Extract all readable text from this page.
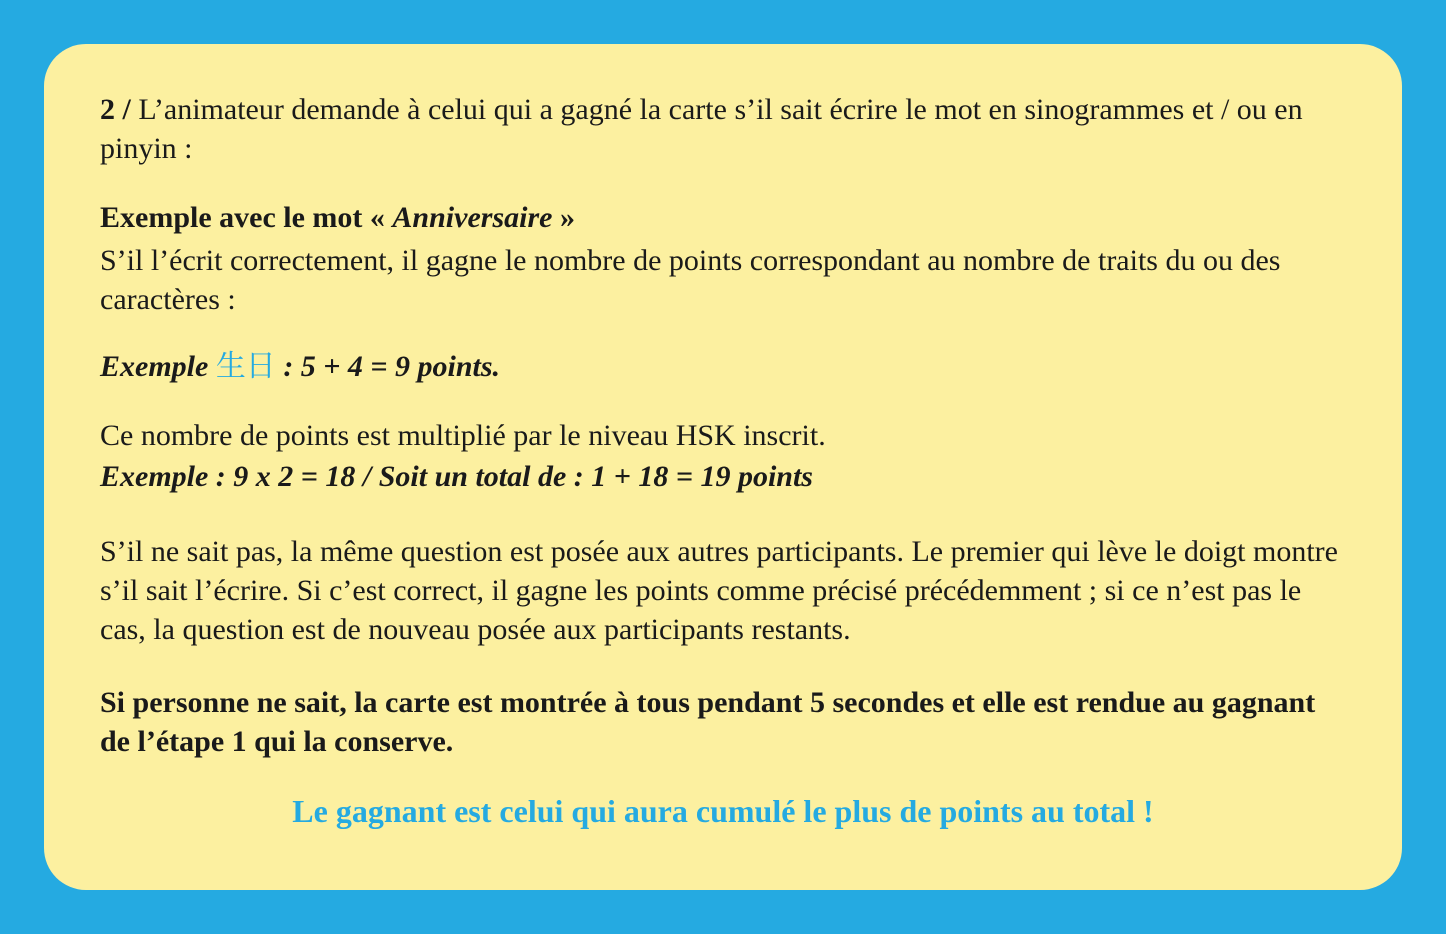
2 / L’animateur demande à celui qui a gagné la carte s’il sait écrire le mot en sinogrammes et / ou en pinyin :

Exemple avec le mot « Anniversaire »

S’il l’écrit correctement, il gagne le nombre de points correspondant au nombre de traits du ou des caractères :

Exemple 生日 : 5 + 4 = 9 points.

Ce nombre de points est multiplié par le niveau HSK inscrit.

Exemple : 9 x 2 = 18 / Soit un total de : 1 + 18 = 19 points

S’il ne sait pas, la même question est posée aux autres participants. Le premier qui lève le doigt montre s’il sait l’écrire. Si c’est correct, il gagne les points comme précisé précédemment ; si ce n’est pas le cas, la question est de nouveau posée aux participants restants.

Si personne ne sait, la carte est montrée à tous pendant 5 secondes et elle est rendue au gagnant de l’étape 1 qui la conserve.

Le gagnant est celui qui aura cumulé le plus de points au total !
